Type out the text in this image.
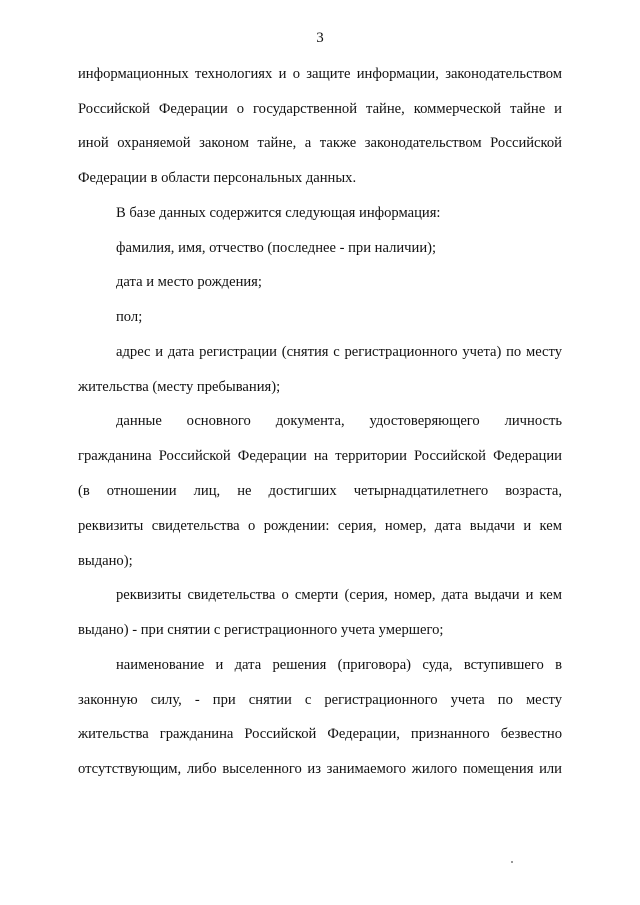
3
информационных технологиях и о защите информации, законодательством
Российской Федерации о государственной тайне, коммерческой тайне и
иной охраняемой законом тайне, а также законодательством Российской
Федерации в области персональных данных.
В базе данных содержится следующая информация:
фамилия, имя, отчество (последнее - при наличии);
дата и место рождения;
пол;
адрес и дата регистрации (снятия с регистрационного учета) по месту
жительства (месту пребывания);
данные основного документа, удостоверяющего личность
гражданина Российской Федерации на территории Российской Федерации
(в отношении лиц, не достигших четырнадцатилетнего возраста,
реквизиты свидетельства о рождении: серия, номер, дата выдачи и кем
выдано);
реквизиты свидетельства о смерти (серия, номер, дата выдачи и кем
выдано) - при снятии с регистрационного учета умершего;
наименование и дата решения (приговора) суда, вступившего в
законную силу, - при снятии с регистрационного учета по месту
жительства гражданина Российской Федерации, признанного безвестно
отсутствующим, либо выселенного из занимаемого жилого помещения или
